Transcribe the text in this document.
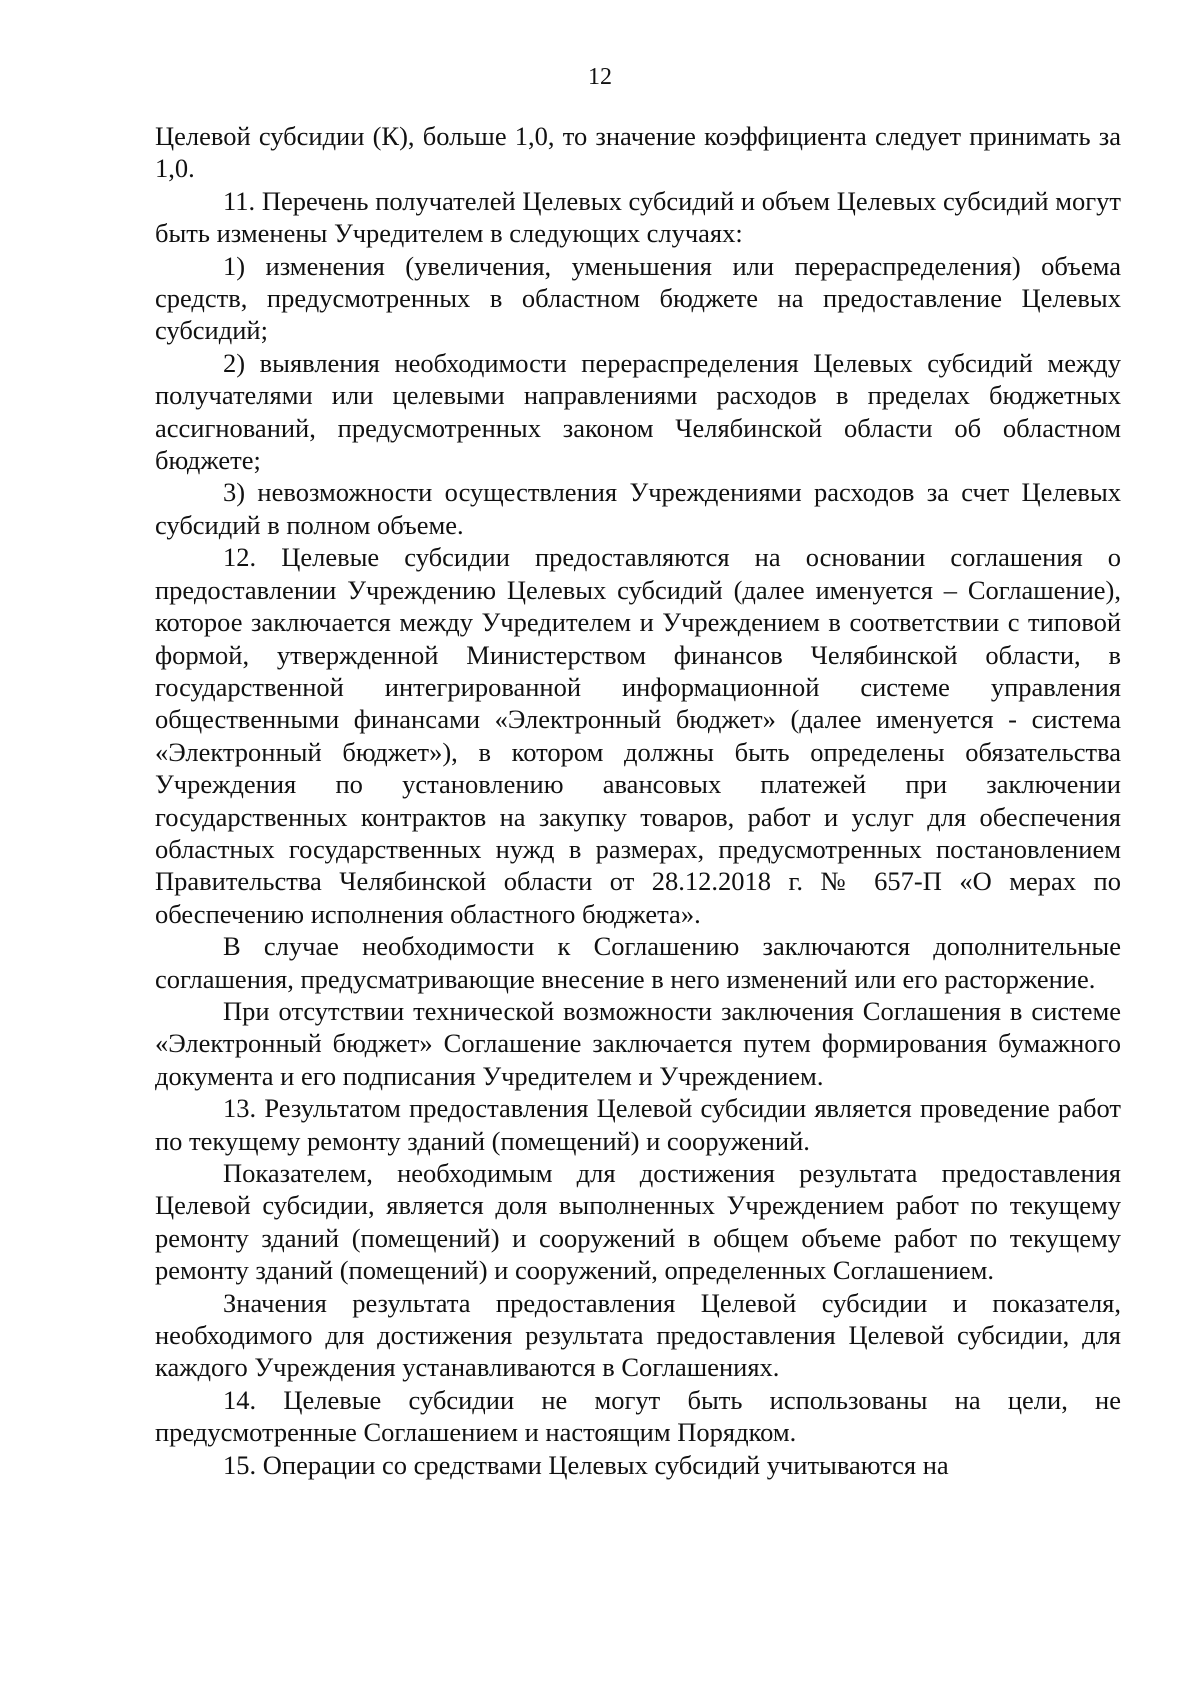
12

Целевой субсидии (К), больше 1,0, то значение коэффициента следует принимать за 1,0.

11. Перечень получателей Целевых субсидий и объем Целевых субсидий могут быть изменены Учредителем в следующих случаях:

1) изменения (увеличения, уменьшения или перераспределения) объема средств, предусмотренных в областном бюджете на предоставление Целевых субсидий;

2) выявления необходимости перераспределения Целевых субсидий между получателями или целевыми направлениями расходов в пределах бюджетных ассигнований, предусмотренных законом Челябинской области об областном бюджете;

3) невозможности осуществления Учреждениями расходов за счет Целевых субсидий в полном объеме.

12. Целевые субсидии предоставляются на основании соглашения о предоставлении Учреждению Целевых субсидий (далее именуется – Соглашение), которое заключается между Учредителем и Учреждением в соответствии с типовой формой, утвержденной Министерством финансов Челябинской области, в государственной интегрированной информационной системе управления общественными финансами «Электронный бюджет» (далее именуется - система «Электронный бюджет»), в котором должны быть определены обязательства Учреждения по установлению авансовых платежей при заключении государственных контрактов на закупку товаров, работ и услуг для обеспечения областных государственных нужд в размерах, предусмотренных постановлением Правительства Челябинской области от 28.12.2018 г. № 657-П «О мерах по обеспечению исполнения областного бюджета».

В случае необходимости к Соглашению заключаются дополнительные соглашения, предусматривающие внесение в него изменений или его расторжение.

При отсутствии технической возможности заключения Соглашения в системе «Электронный бюджет» Соглашение заключается путем формирования бумажного документа и его подписания Учредителем и Учреждением.

13. Результатом предоставления Целевой субсидии является проведение работ по текущему ремонту зданий (помещений) и сооружений.

Показателем, необходимым для достижения результата предоставления Целевой субсидии, является доля выполненных Учреждением работ по текущему ремонту зданий (помещений) и сооружений в общем объеме работ по текущему ремонту зданий (помещений) и сооружений, определенных Соглашением.

Значения результата предоставления Целевой субсидии и показателя, необходимого для достижения результата предоставления Целевой субсидии, для каждого Учреждения устанавливаются в Соглашениях.

14. Целевые субсидии не могут быть использованы на цели, не предусмотренные Соглашением и настоящим Порядком.

15. Операции со средствами Целевых субсидий учитываются на
